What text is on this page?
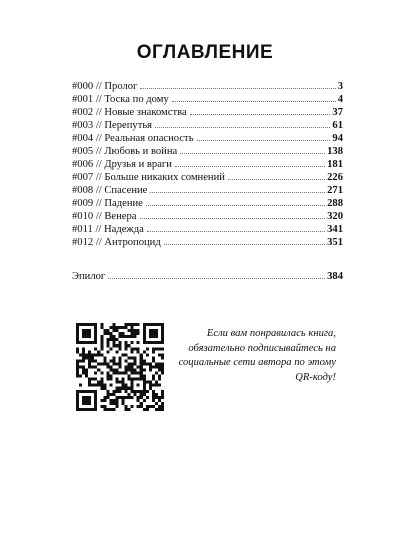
ОГЛАВЛЕНИЕ
#000 // Пролог	3
#001 // Тоска по дому	4
#002 // Новые знакомства	37
#003 // Перепутья	61
#004 // Реальная опасность	94
#005 // Любовь и война	138
#006 // Друзья и враги	181
#007 // Больше никаких сомнений	226
#008 // Спасение	271
#009 // Падение	288
#010 // Венера	320
#011 // Надежда	341
#012 // Антропоцид	351
Эпилог	384
Если вам понравилась книга,
обязательно подписывайтесь на
социальные сети автора по этому
QR-коду!
